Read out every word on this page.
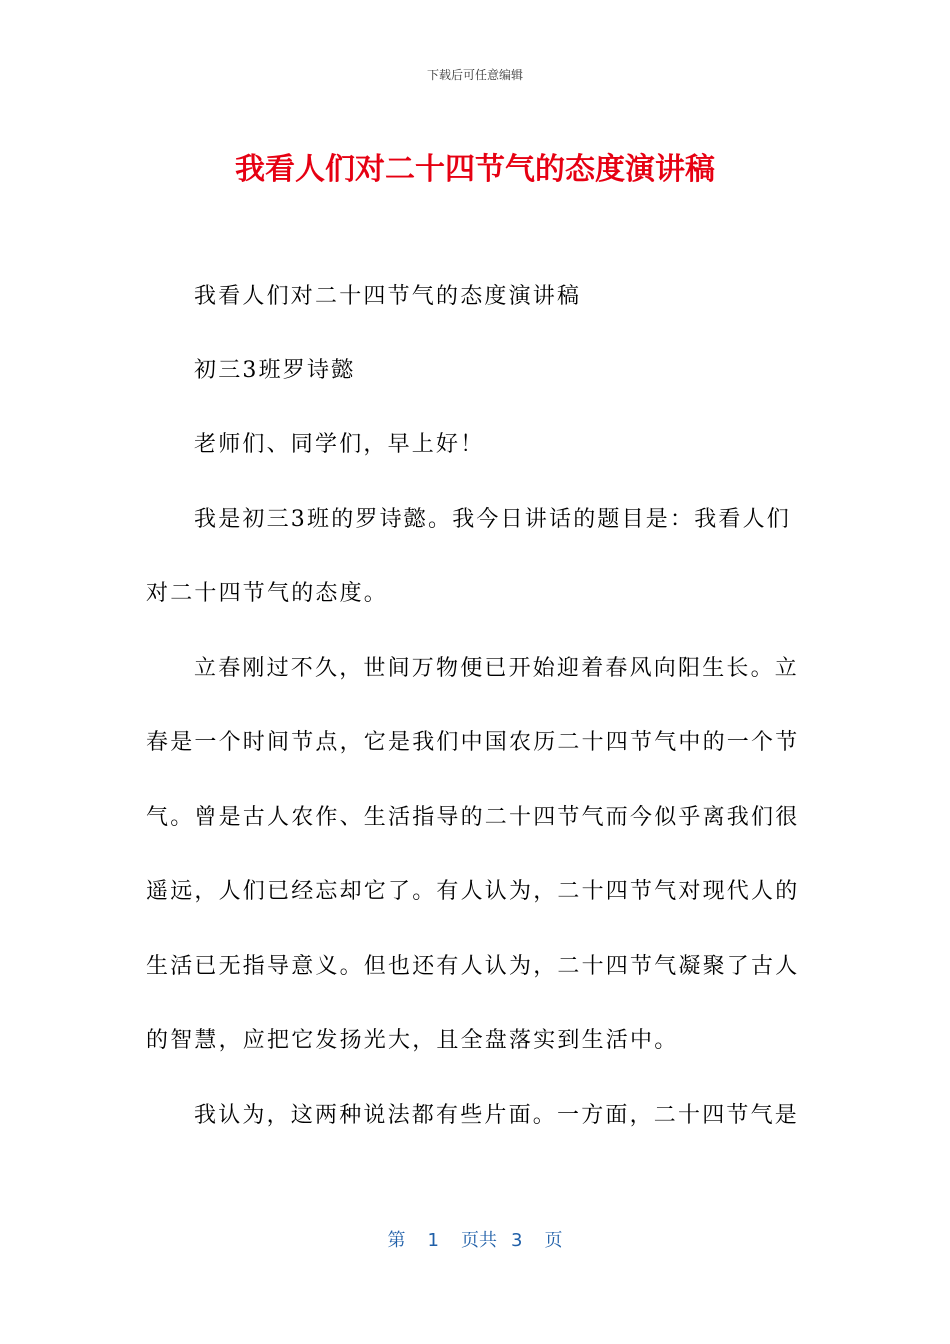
下载后可任意编辑
我看人们对二十四节气的态度演讲稿
我看人们对二十四节气的态度演讲稿
初三3班罗诗懿
老师们、同学们，早上好！
我是初三3班的罗诗懿。我今日讲话的题目是：我看人们
对二十四节气的态度。
立春刚过不久，世间万物便已开始迎着春风向阳生长。立
春是一个时间节点，它是我们中国农历二十四节气中的一个节
气。曾是古人农作、生活指导的二十四节气而今似乎离我们很
遥远，人们已经忘却它了。有人认为，二十四节气对现代人的
生活已无指导意义。但也还有人认为，二十四节气凝聚了古人
的智慧，应把它发扬光大，且全盘落实到生活中。
我认为，这两种说法都有些片面。一方面，二十四节气是
第 1 页共 3 页
